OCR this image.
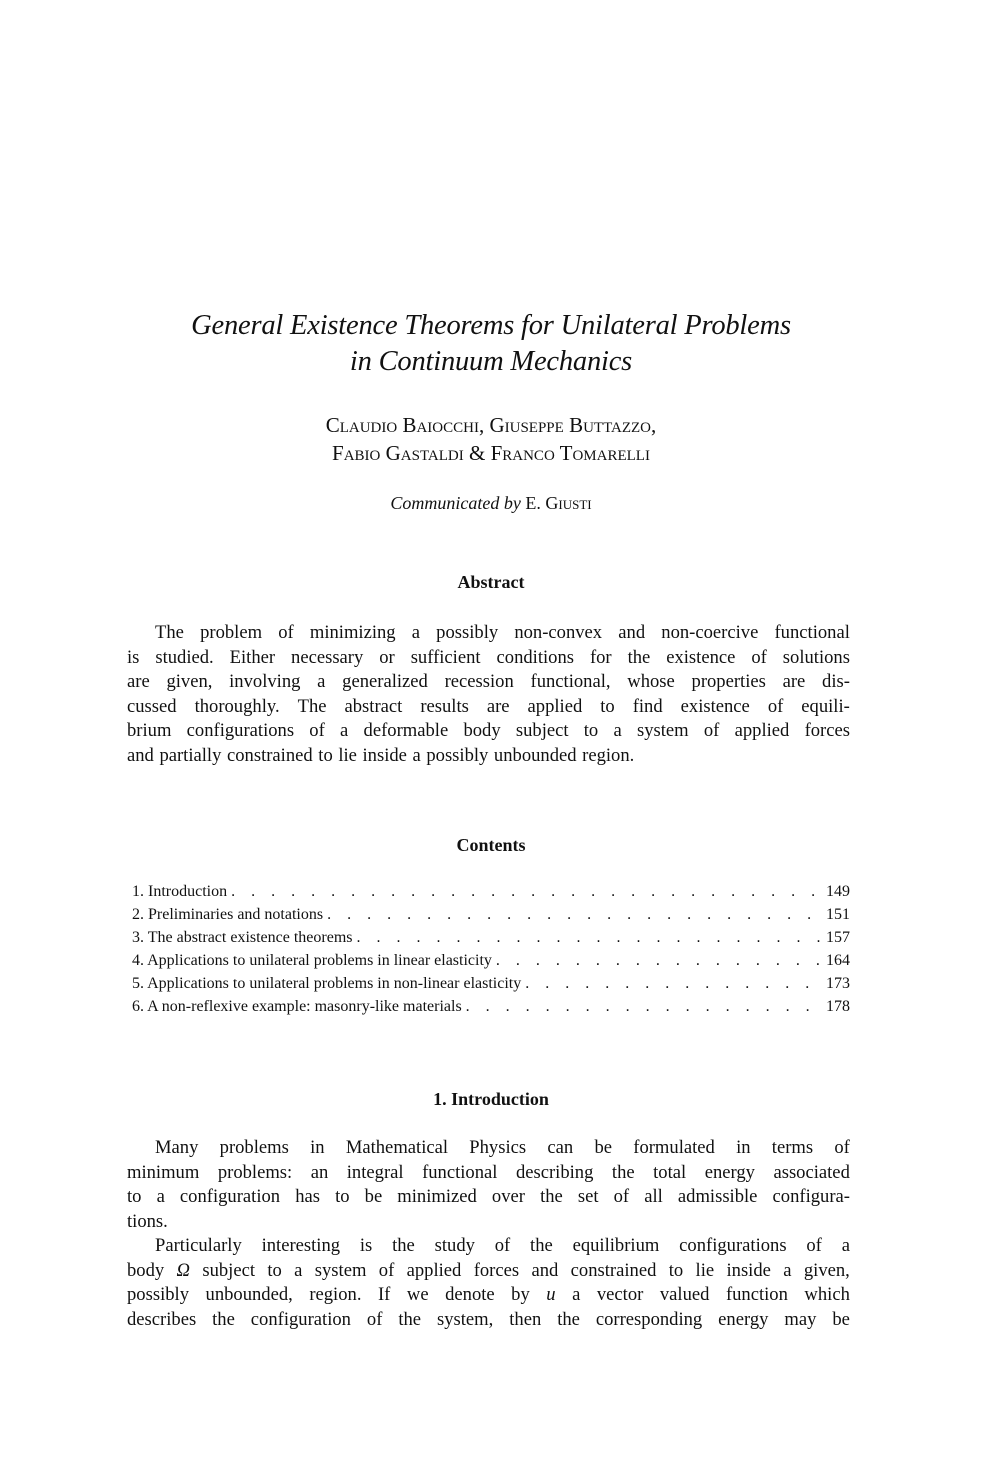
General Existence Theorems for Unilateral Problems
in Continuum Mechanics
Claudio Baiocchi, Giuseppe Buttazzo,
Fabio Gastaldi & Franco Tomarelli
Communicated by E. Giusti
Abstract
The problem of minimizing a possibly non-convex and non-coercive functional
is studied. Either necessary or sufficient conditions for the existence of solutions
are given, involving a generalized recession functional, whose properties are dis-
cussed thoroughly. The abstract results are applied to find existence of equili-
brium configurations of a deformable body subject to a system of applied forces
and partially constrained to lie inside a possibly unbounded region.
Contents
1. Introduction . . .	149
2. Preliminaries and notations . . .	151
3. The abstract existence theorems . . .	157
4. Applications to unilateral problems in linear elasticity . . .	164
5. Applications to unilateral problems in non-linear elasticity . . .	173
6. A non-reflexive example: masonry-like materials . . .	178
1. Introduction
Many problems in Mathematical Physics can be formulated in terms of
minimum problems: an integral functional describing the total energy associated
to a configuration has to be minimized over the set of all admissible configura-
tions.
Particularly interesting is the study of the equilibrium configurations of a
body Ω subject to a system of applied forces and constrained to lie inside a given,
possibly unbounded, region. If we denote by u a vector valued function which
describes the configuration of the system, then the corresponding energy may be
